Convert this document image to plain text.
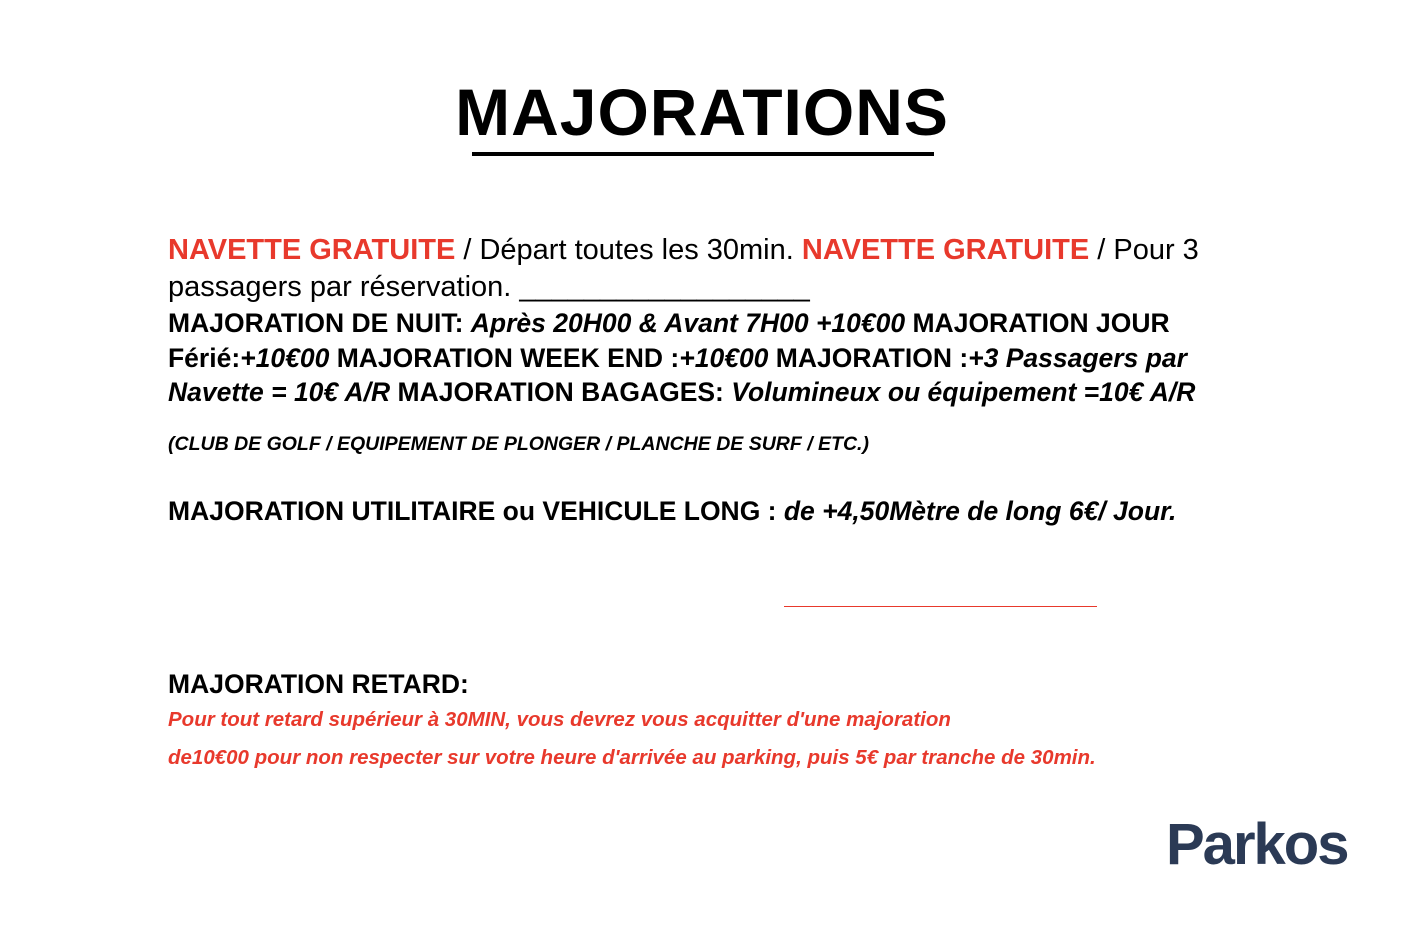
MAJORATIONS

NAVETTE GRATUITE / Départ toutes les 30min. NAVETTE GRATUITE / Pour 3 passagers par réservation. __________________

MAJORATION DE NUIT: Après 20H00 & Avant 7H00 +10€00 MAJORATION JOUR Férié:+10€00 MAJORATION WEEK END :+10€00 MAJORATION :+3 Passagers par Navette = 10€ A/R MAJORATION BAGAGES: Volumineux ou équipement =10€ A/R

(CLUB DE GOLF / EQUIPEMENT DE PLONGER / PLANCHE DE SURF / ETC.)

MAJORATION UTILITAIRE ou VEHICULE LONG : de +4,50Mètre de long 6€/ Jour.

MAJORATION RETARD:
Pour tout retard supérieur à 30MIN, vous devrez vous acquitter d'une majoration
de10€00 pour non respecter sur votre heure d'arrivée au parking, puis 5€ par tranche de 30min.
Parkos
